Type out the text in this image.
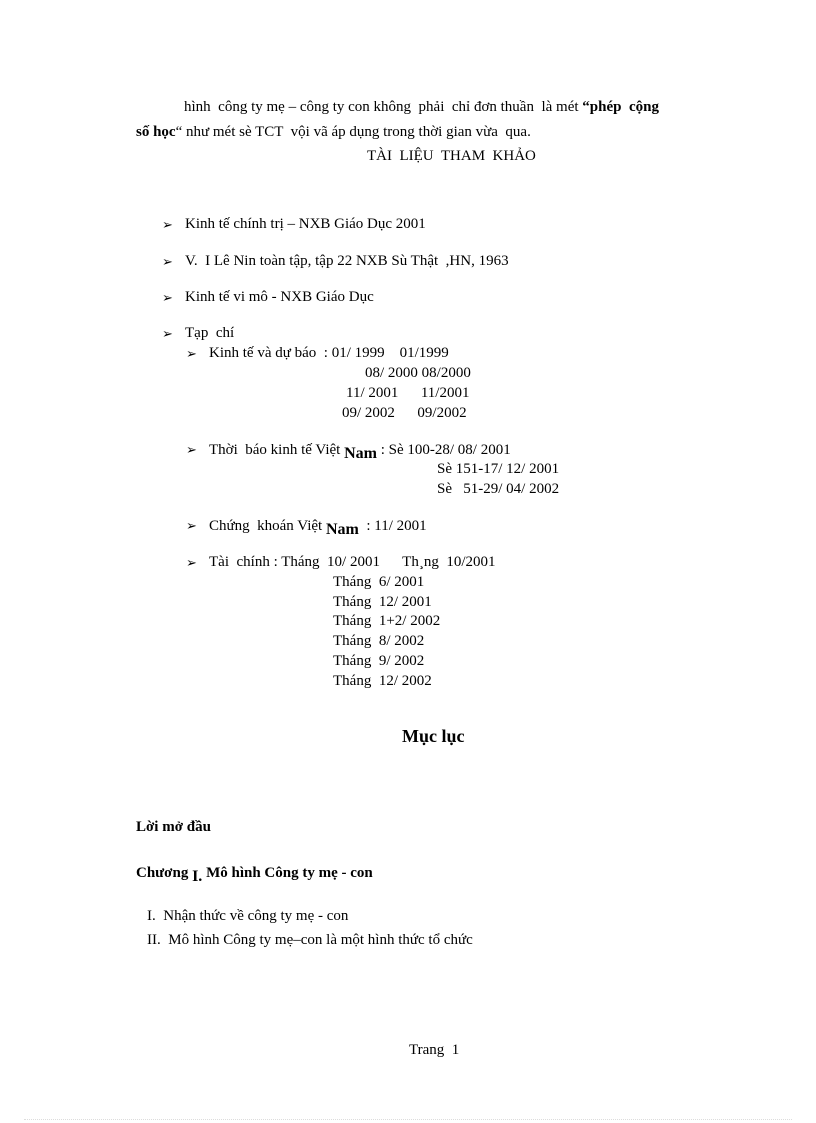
hình  công ty mẹ – công ty con không  phải  chỉ đơn thuần  là mét “phép  cộng
số học“ như mét sè TCT  vội vã áp dụng trong thời gian vừa  qua.
TÀI  LIỆU  THAM  KHẢO
➢ Kinh tế chính trị – NXB Giáo Dục 2001
➢ V.  I Lê Nin toàn tập, tập 22 NXB Sù Thật  ,HN, 1963
➢ Kinh tế vi mô - NXB Giáo Dục
➢ Tạp  chí
➢ Kinh tế và dự báo  : 01/ 1999    01/1999
08/ 2000 08/2000
11/ 2001      11/2001
09/ 2002      09/2002
➢ Thời  báo kinh tế Việt Nam : Sè 100-28/ 08/ 2001
Sè 151-17/ 12/ 2001
Sè   51-29/ 04/ 2002
➢ Chứng  khoán Việt Nam  : 11/ 2001
➢ Tài  chính : Tháng  10/ 2001      Th¸ng  10/2001
Tháng  6/ 2001
Tháng  12/ 2001
Tháng  1+2/ 2002
Tháng  8/ 2002
Tháng  9/ 2002
Tháng  12/ 2002
Mục lục
Lời mở đầu
Chương I. Mô hình Công ty mẹ - con
I.  Nhận thức về công ty mẹ - con
II.  Mô hình Công ty mẹ–con là một hình thức tổ chức
Trang  1
